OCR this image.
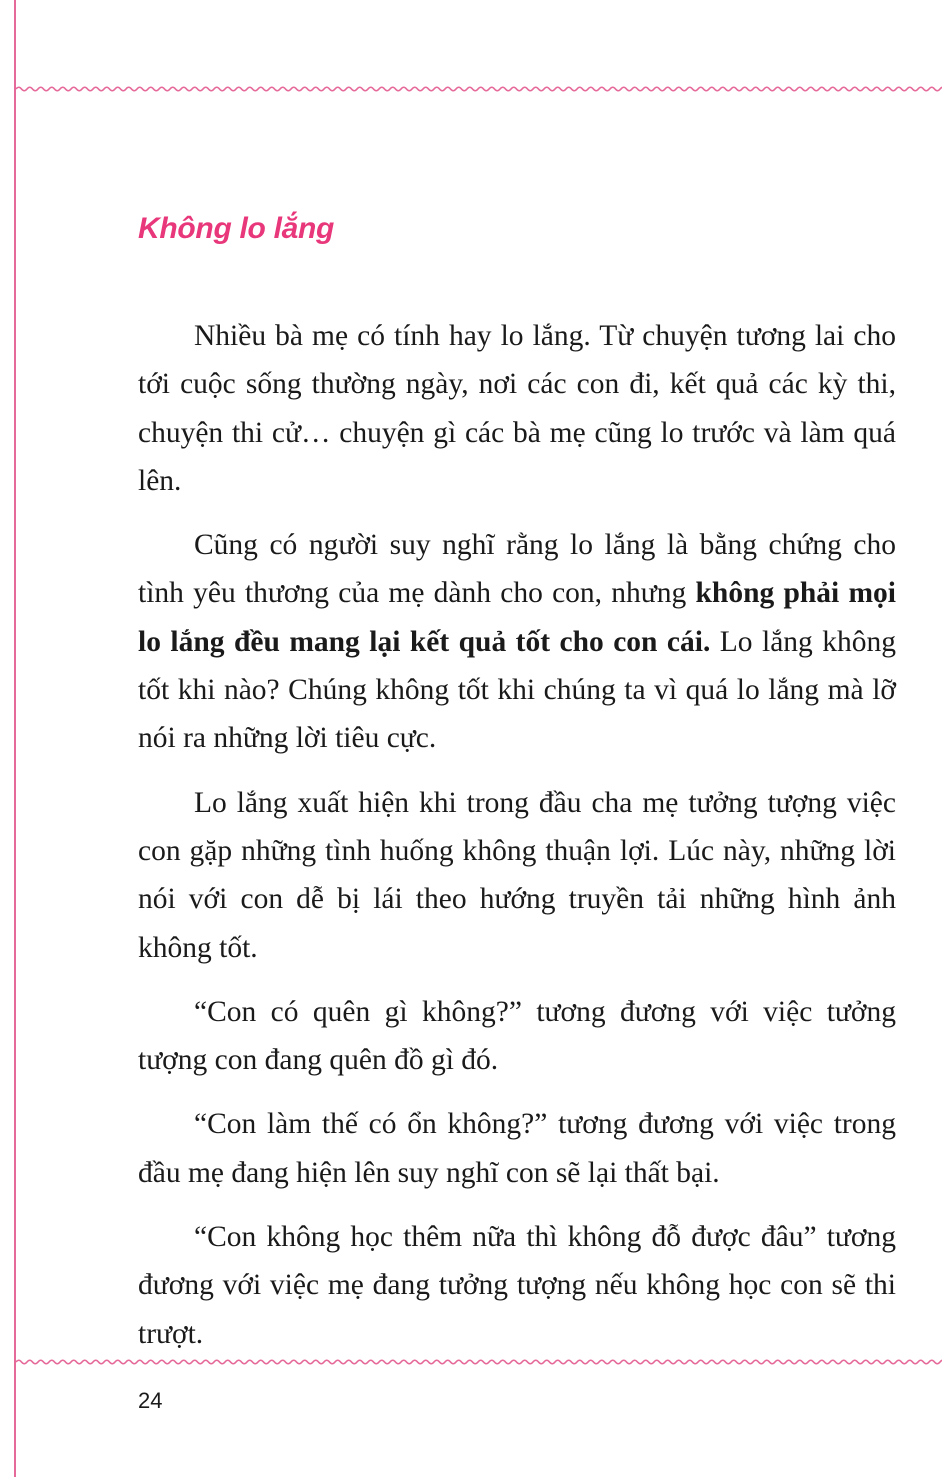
Không lo lắng

Nhiều bà mẹ có tính hay lo lắng. Từ chuyện tương lai cho tới cuộc sống thường ngày, nơi các con đi, kết quả các kỳ thi, chuyện thi cử… chuyện gì các bà mẹ cũng lo trước và làm quá lên.

Cũng có người suy nghĩ rằng lo lắng là bằng chứng cho tình yêu thương của mẹ dành cho con, nhưng không phải mọi lo lắng đều mang lại kết quả tốt cho con cái. Lo lắng không tốt khi nào? Chúng không tốt khi chúng ta vì quá lo lắng mà lỡ nói ra những lời tiêu cực.

Lo lắng xuất hiện khi trong đầu cha mẹ tưởng tượng việc con gặp những tình huống không thuận lợi. Lúc này, những lời nói với con dễ bị lái theo hướng truyền tải những hình ảnh không tốt.

“Con có quên gì không?” tương đương với việc tưởng tượng con đang quên đồ gì đó.

“Con làm thế có ổn không?” tương đương với việc trong đầu mẹ đang hiện lên suy nghĩ con sẽ lại thất bại.

“Con không học thêm nữa thì không đỗ được đâu” tương đương với việc mẹ đang tưởng tượng nếu không học con sẽ thi trượt.

24
